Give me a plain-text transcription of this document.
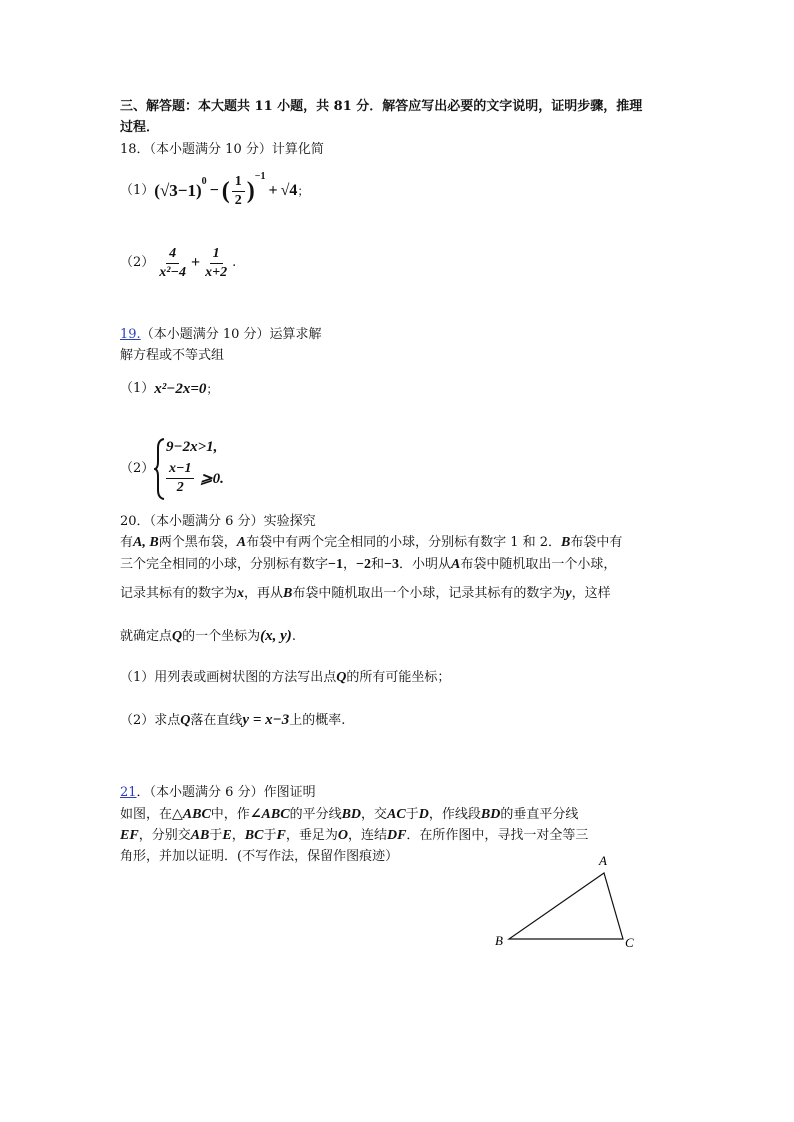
三、解答题：本大题共 11 小题，共 81 分．解答应写出必要的文字说明，证明步骤，推理
过程．
18．（本小题满分 10 分）计算化简
（1） $(√3-1)^0$
− ( $\frac{1}{2}$ )
$^{-1}$
+ √4 ；
$(2) \frac{4}{\text{x²−4}} + \frac{1}{x+2}$ .
19.（本小题满分 10 分）运算求解
解方程或不等式组
（1） x²−2x=0 ；
（2）
9−2x>1,
$\frac{x-1}{2}$ ⩾0.
20．（本小题满分 6 分）实验探究
有A, B两个黑布袋，A布袋中有两个完全相同的小球，分别标有数字 1 和 2．B布袋中有
三个完全相同的小球，分别标有数字−1，−2和−3．小明从A布袋中随机取出一个小球，
记录其标有的数字为x，再从B布袋中随机取出一个小球，记录其标有的数字为y，这样
就确定点Q的一个坐标为(x, y).
（1）用列表或画树状图的方法写出点Q的所有可能坐标；
（2）求点Q落在直线y = x−3上的概率.
21．（本小题满分 6 分）作图证明
如图，在△ABC中，作∠ABC的平分线BD，交AC于D，作线段BD的垂直平分线
EF，分别交AB于E，BC于F，垂足为O，连结DF．在所作图中，寻找一对全等三
角形，并加以证明．(不写作法，保留作图痕迹）	A
B	C
